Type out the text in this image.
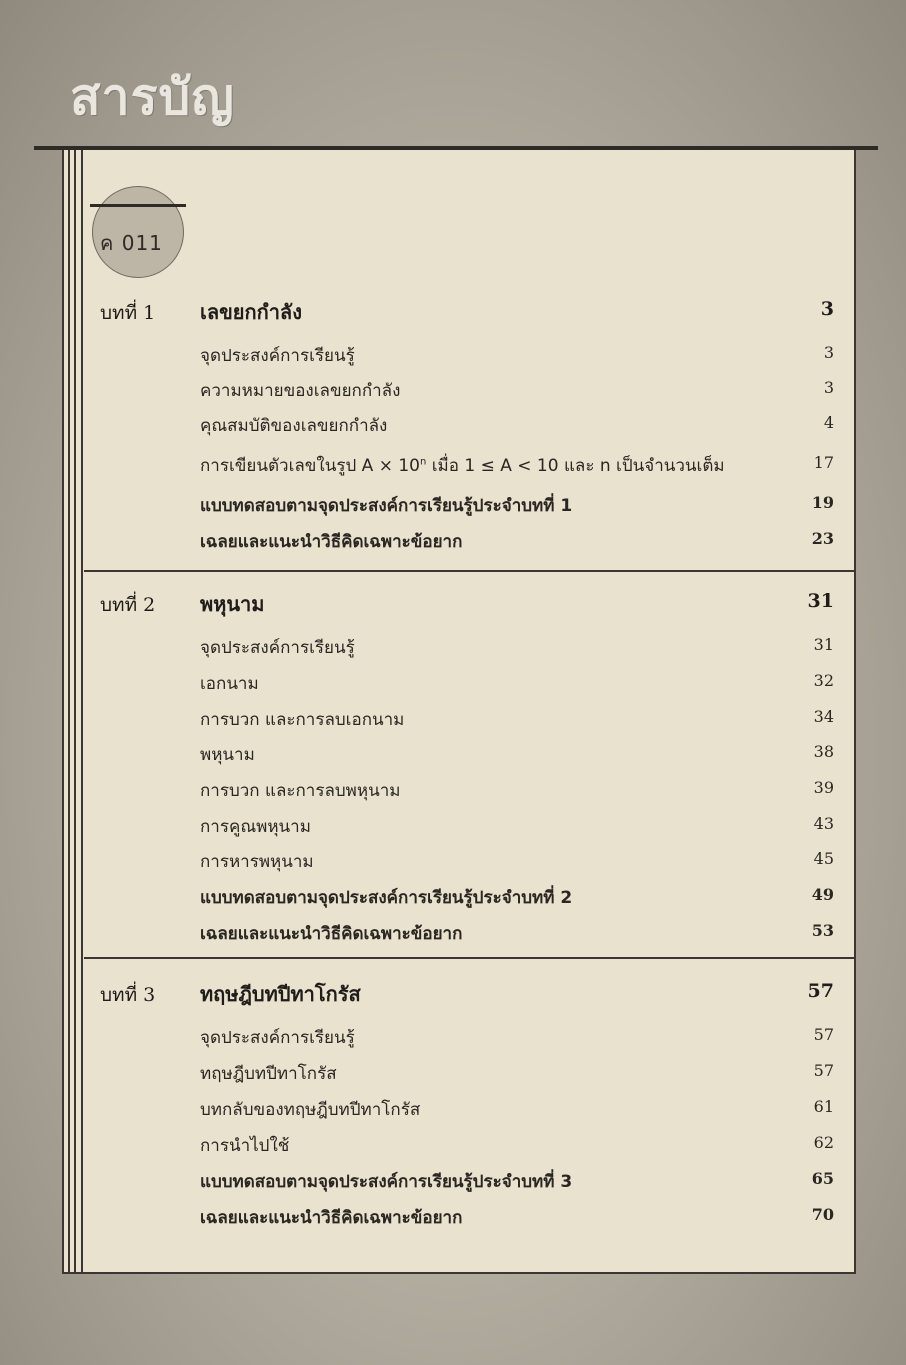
สารบัญ
ค 011
บทที่ 1 เลขยกกำลัง	3
จุดประสงค์การเรียนรู้	3
ความหมายของเลขยกกำลัง	3
คุณสมบัติของเลขยกกำลัง	4
การเขียนตัวเลขในรูป $A \times 10^n$ เมื่อ 1 ≤ A < 10 และ n เป็นจำนวนเต็ม	17
แบบทดสอบตามจุดประสงค์การเรียนรู้ประจำบทที่ 1	19
เฉลยและแนะนำวิธีคิดเฉพาะข้อยาก	23
บทที่ 2 พหุนาม	31
จุดประสงค์การเรียนรู้	31
เอกนาม	32
การบวก และการลบเอกนาม	34
พหุนาม	38
การบวก และการลบพหุนาม	39
การคูณพหุนาม	43
การหารพหุนาม	45
แบบทดสอบตามจุดประสงค์การเรียนรู้ประจำบทที่ 2	49
เฉลยและแนะนำวิธีคิดเฉพาะข้อยาก	53
บทที่ 3 ทฤษฎีบทปีทาโกรัส	57
จุดประสงค์การเรียนรู้	57
ทฤษฎีบทปีทาโกรัส	57
บทกลับของทฤษฎีบทปีทาโกรัส	61
การนำไปใช้	62
แบบทดสอบตามจุดประสงค์การเรียนรู้ประจำบทที่ 3	65
เฉลยและแนะนำวิธีคิดเฉพาะข้อยาก	70
